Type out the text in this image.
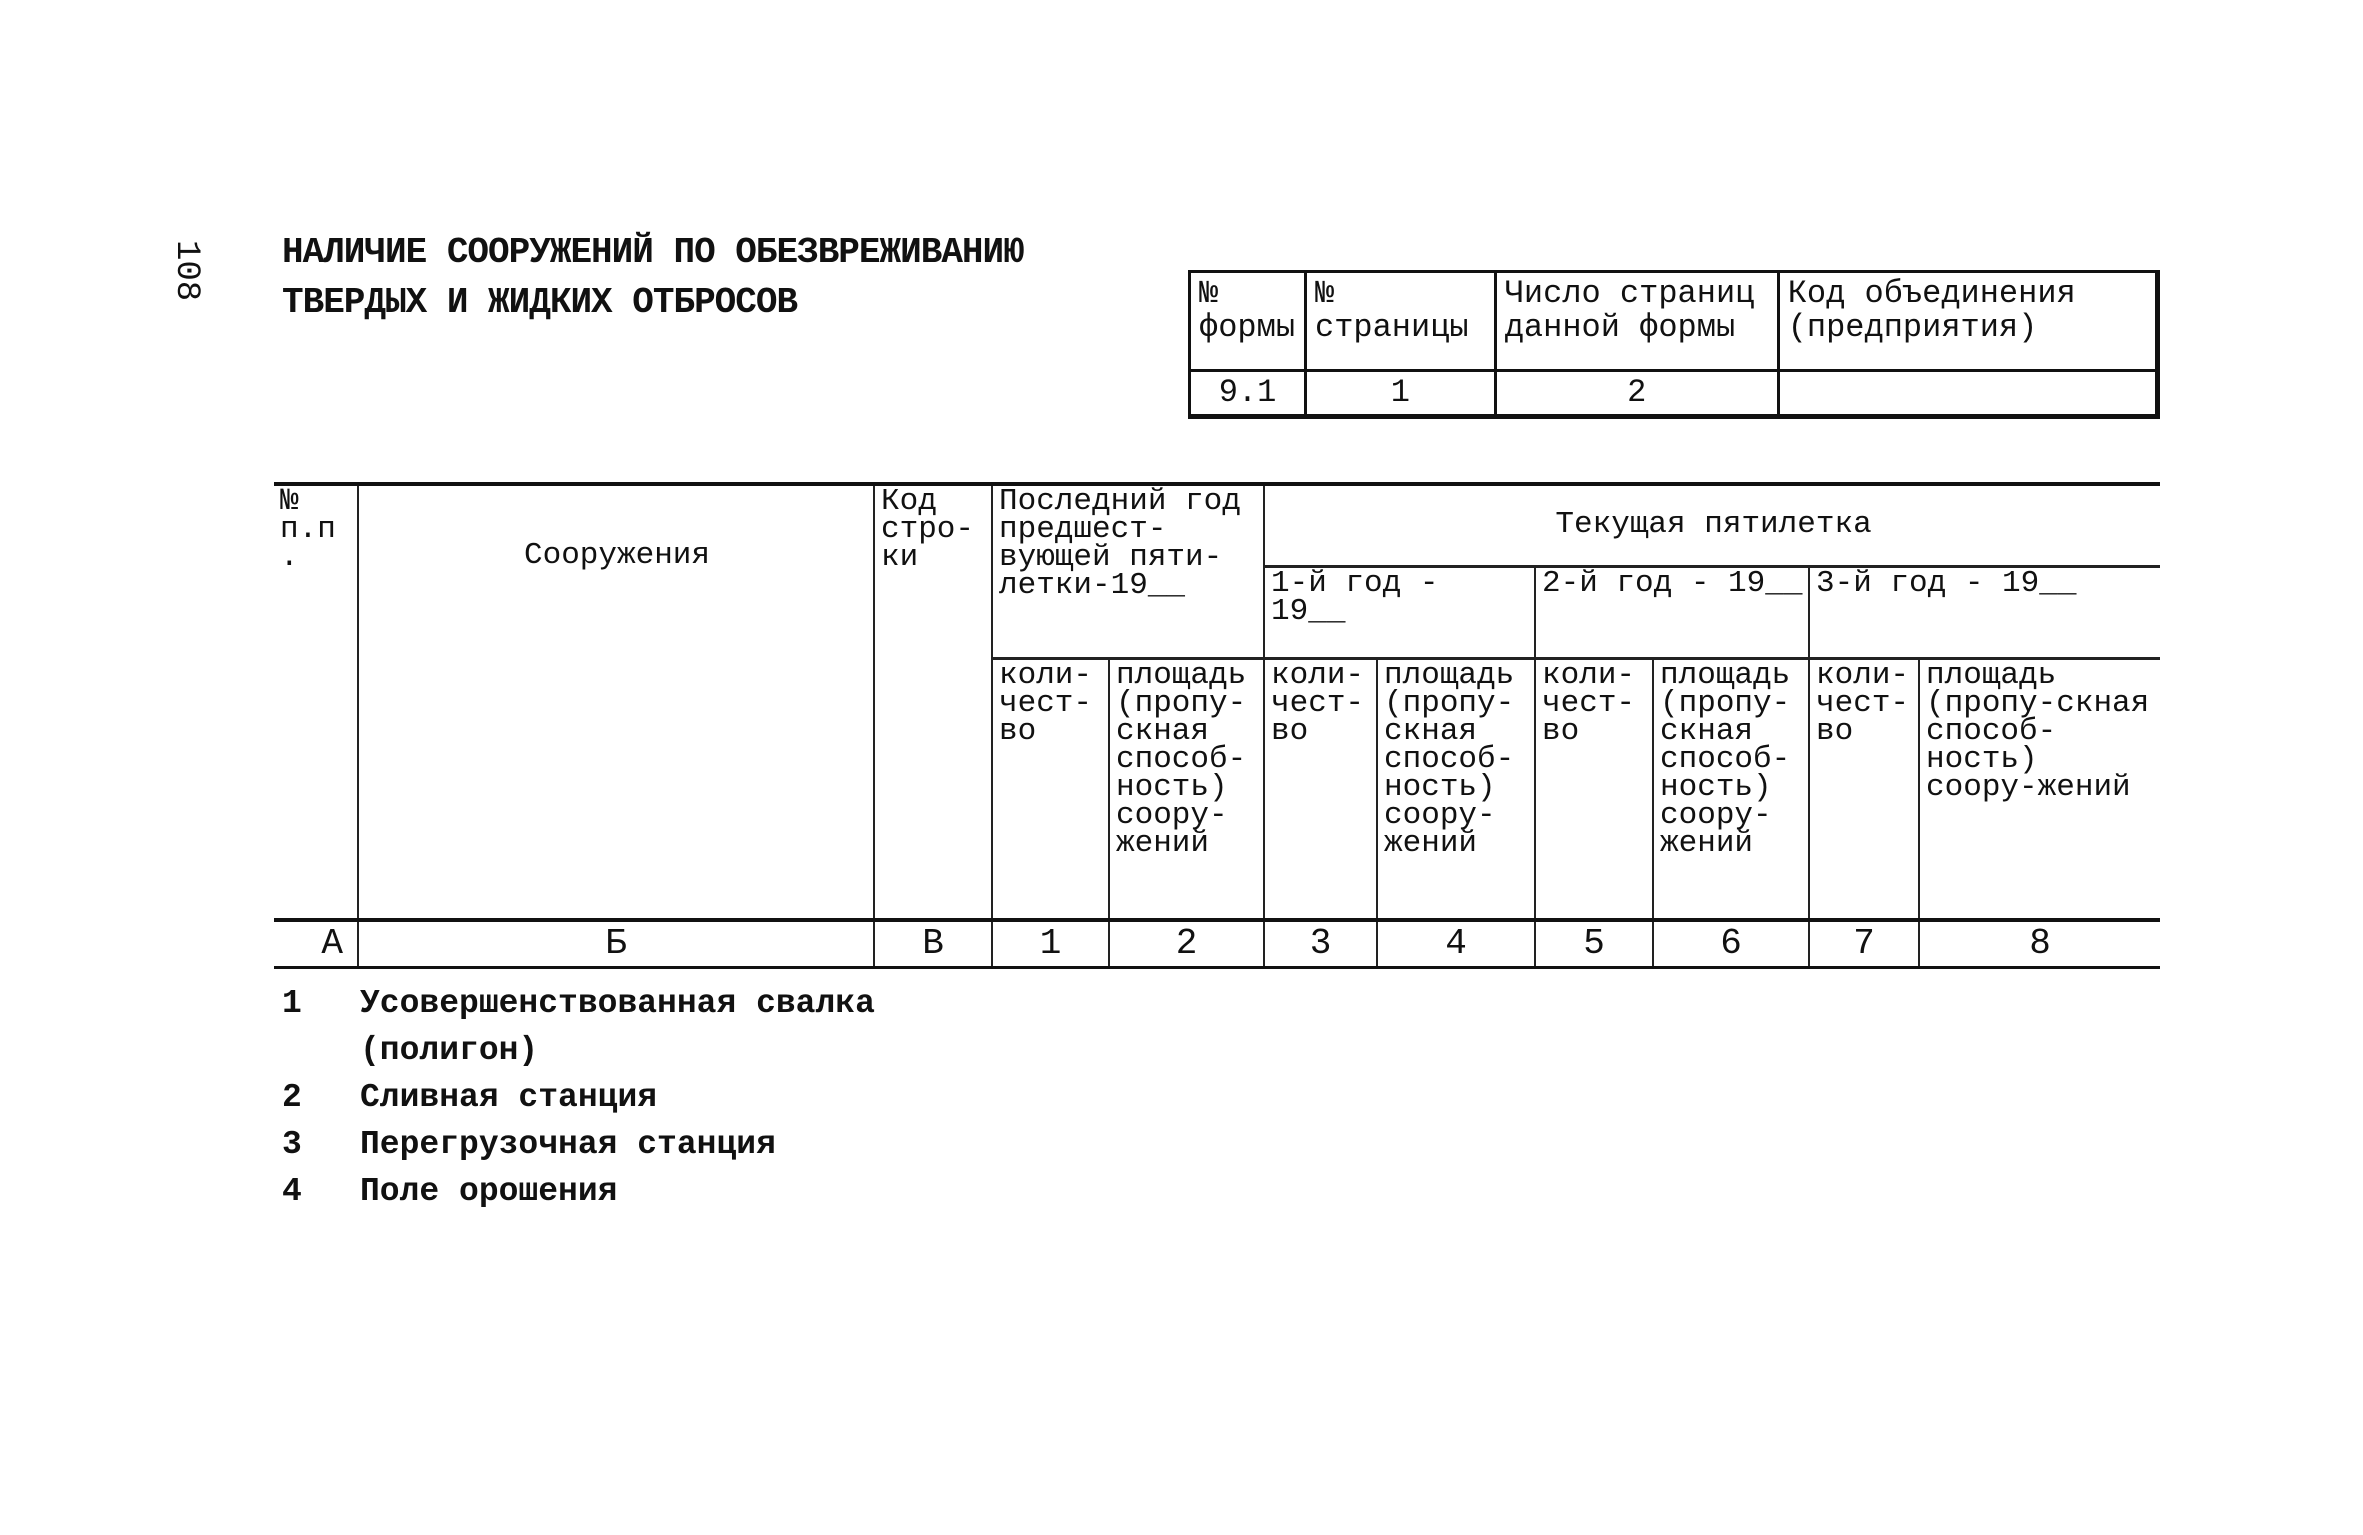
108 НАЛИЧИЕ СООРУЖЕНИЙ ПО ОБЕЗВРЕЖИВАНИЮ
ТВЕРДЫХ И ЖИДКИХ ОТБРОСОВ	№ формы	№ страницы	Число страниц данной формы	Код объединения (предприятия)
9.1	1	2	
№ п.п.	Сооружения	Код стро-ки	Последний год предшест-вующей пяти-летки-19__		Текущая пятилетка					
					1-й год - 19__		2-й год - 19__		3-й год - 19__	
			коли-чест-во	площадь (пропу-скная способ-ность) соору-жений	коли-чест-во	площадь (пропу-скная способ-ность) соору-жений	коли-чест-во	площадь (пропу-скная способ-ность) соору-жений	коли-чест-во	площадь (пропу-скная способ-ность) соору-жений
А	Б	В	1	2	3	4	5	6	7	8
1	Усовершенствованная свалка
(полигон)
2	Сливная станция
3	Перегрузочная станция
4	Поле орошения
